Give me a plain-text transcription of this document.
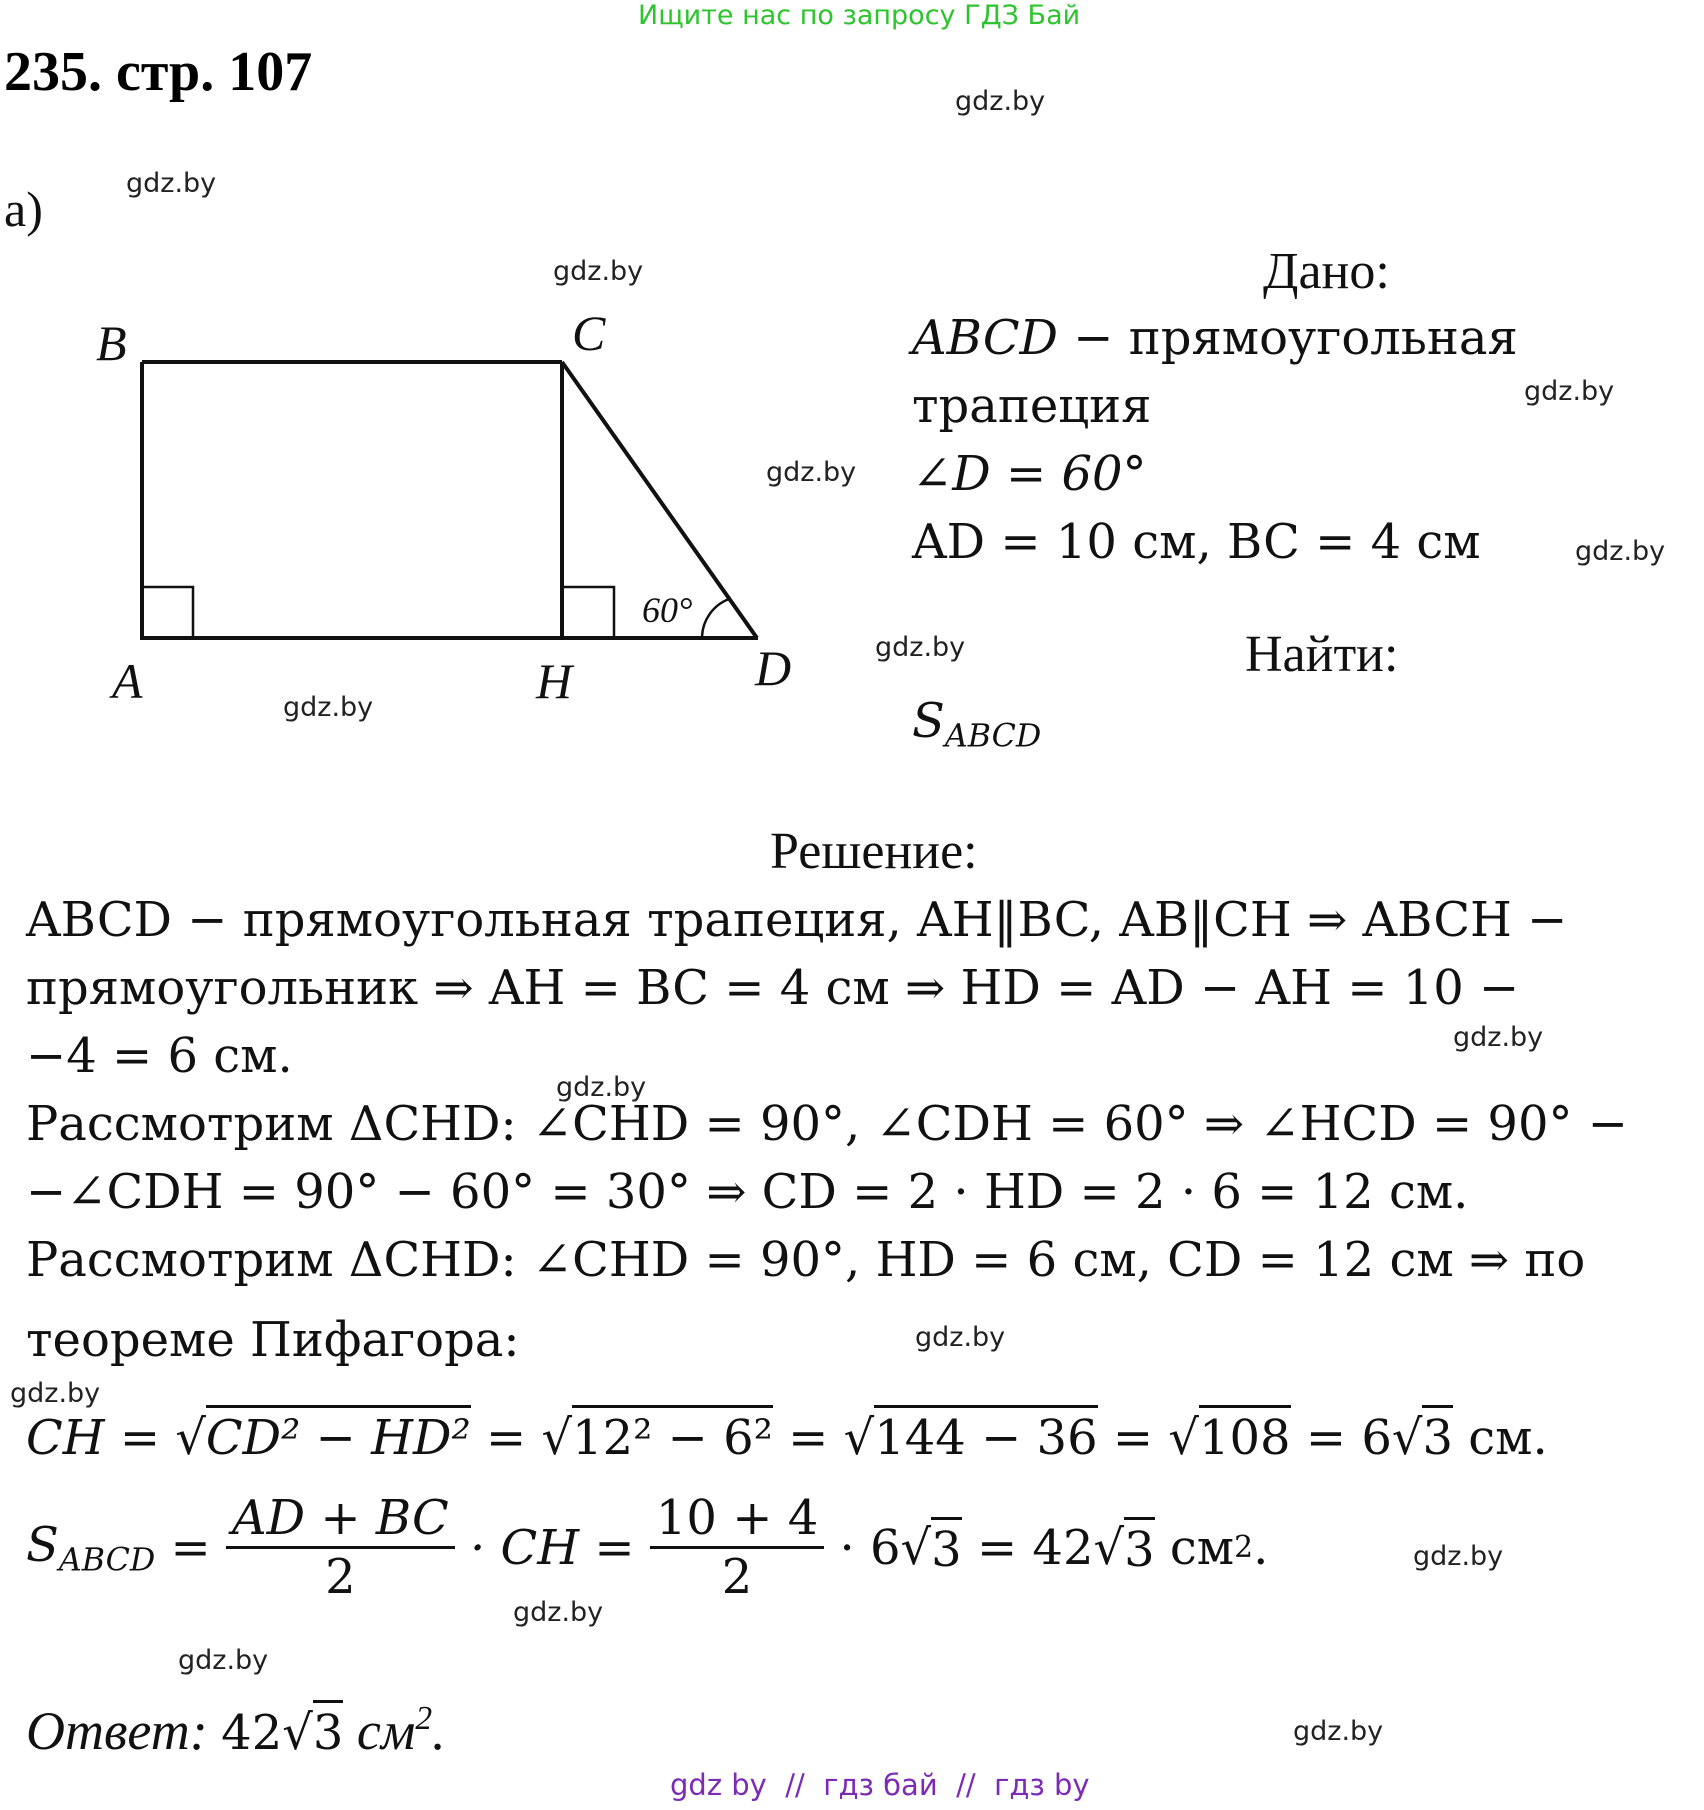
Ищите нас по запросу ГДЗ Бай
235. стр. 107
а)
B	C
A	H	D
60°
Дано:
ABCD − прямоугольная
трапеция
∠D = 60°
AD = 10 см, BC = 4 см
Найти:
$S_{ABCD}$
Решение:
ABCD − прямоугольная трапеция, AH‖BC, AB‖CH ⇒ ABCH −
прямоугольник ⇒ AH = BC = 4 см ⇒ HD = AD − AH = 10 −
−4 = 6 см.
Рассмотрим ΔCHD: ∠CHD = 90°, ∠CDH = 60° ⇒ ∠HCD = 90° −
−∠CDH = 90° − 60° = 30° ⇒ CD = 2 · HD = 2 · 6 = 12 см.
Рассмотрим ΔCHD: ∠CHD = 90°, HD = 6 см, CD = 12 см ⇒ по
теореме Пифагора:
CH = √CD² − HD² = √12² − 6² = √144 − 36 = √108 = 6√3 см.
$S_{ABCD} = \frac{AD + BC}{2}$ · CH = $\frac{10 + 4}{2} \cdot 6$ √ 3 = 42 √ 3 см 2 .
Ответ: 42√3 $см^2$.
gdz.by
gdz.by
gdz.by
gdz.by
gdz.by
gdz.by
gdz.by
gdz.by
gdz.by
gdz.by
gdz.by
gdz.by
gdz.by
gdz.by
gdz.by
gdz.by
gdz by  //  гдз бай  //  гдз by
